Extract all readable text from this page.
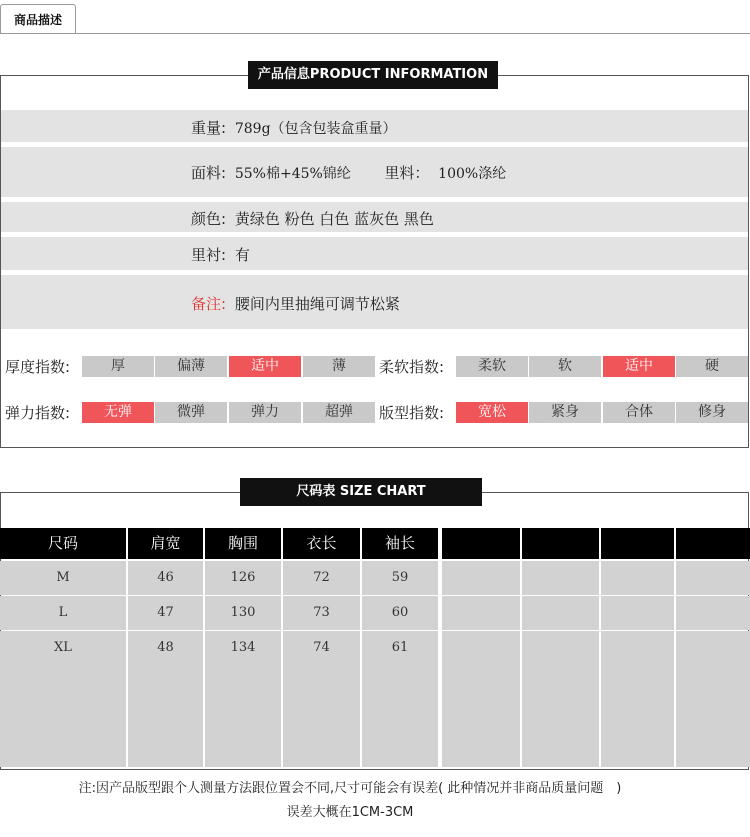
商品描述
产品信息PRODUCT INFORMATION
重量: 789g（包含包装盒重量）
面料: 55%棉+45%锦纶 里料： 100%涤纶
颜色: 黄绿色 粉色 白色 蓝灰色 黑色
里衬: 有
备注: 腰间内里抽绳可调节松紧
厚度指数:	厚	偏薄	适中	薄	柔软指数:	柔软	软	适中	硬
弹力指数:	无弹	微弹	弹力	超弹	版型指数:	宽松	紧身	合体	修身
尺码表 SIZE CHART
尺码	肩宽	胸围	衣长	袖长
M	46	126	72	59
L	47	130	73	60
XL	48	134	74	61
注:因产品版型跟个人测量方法跟位置会不同,尺寸可能会有误差( 此种情况并非商品质量问题　)
误差大概在1CM-3CM
